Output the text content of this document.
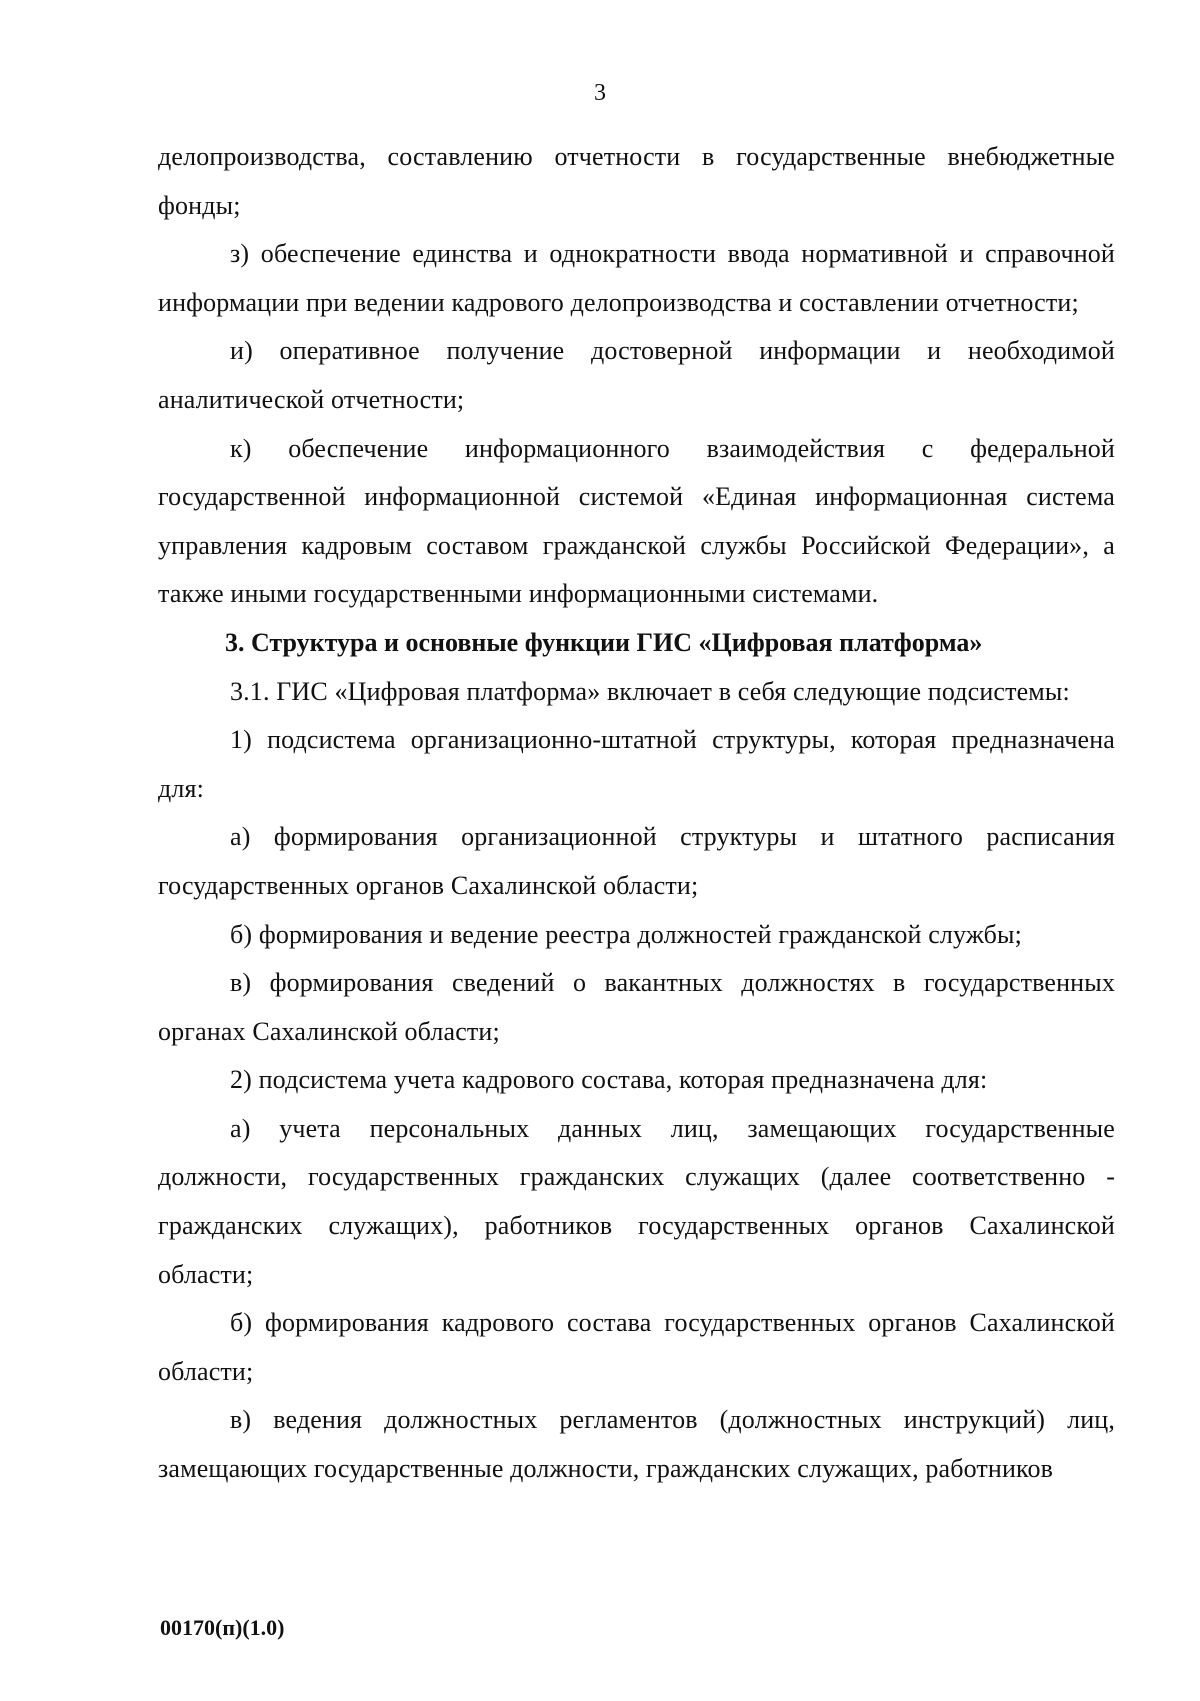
3

делопроизводства, составлению отчетности в государственные внебюджетные фонды;

з) обеспечение единства и однократности ввода нормативной и справочной информации при ведении кадрового делопроизводства и составлении отчетности;

и) оперативное получение достоверной информации и необходимой аналитической отчетности;

к) обеспечение информационного взаимодействия с федеральной государственной информационной системой «Единая информационная система управления кадровым составом гражданской службы Российской Федерации», а также иными государственными информационными системами.

3. Структура и основные функции ГИС «Цифровая платформа»

3.1. ГИС «Цифровая платформа» включает в себя следующие подсистемы:

1) подсистема организационно-штатной структуры, которая предназначена для:

а) формирования организационной структуры и штатного расписания государственных органов Сахалинской области;

б) формирования и ведение реестра должностей гражданской службы;

в) формирования сведений о вакантных должностях в государственных органах Сахалинской области;

2) подсистема учета кадрового состава, которая предназначена для:

а) учета персональных данных лиц, замещающих государственные должности, государственных гражданских служащих (далее соответственно - гражданских служащих), работников государственных органов Сахалинской области;

б) формирования кадрового состава государственных органов Сахалинской области;

в) ведения должностных регламентов (должностных инструкций) лиц, замещающих государственные должности, гражданских служащих, работников

00170(п)(1.0)
